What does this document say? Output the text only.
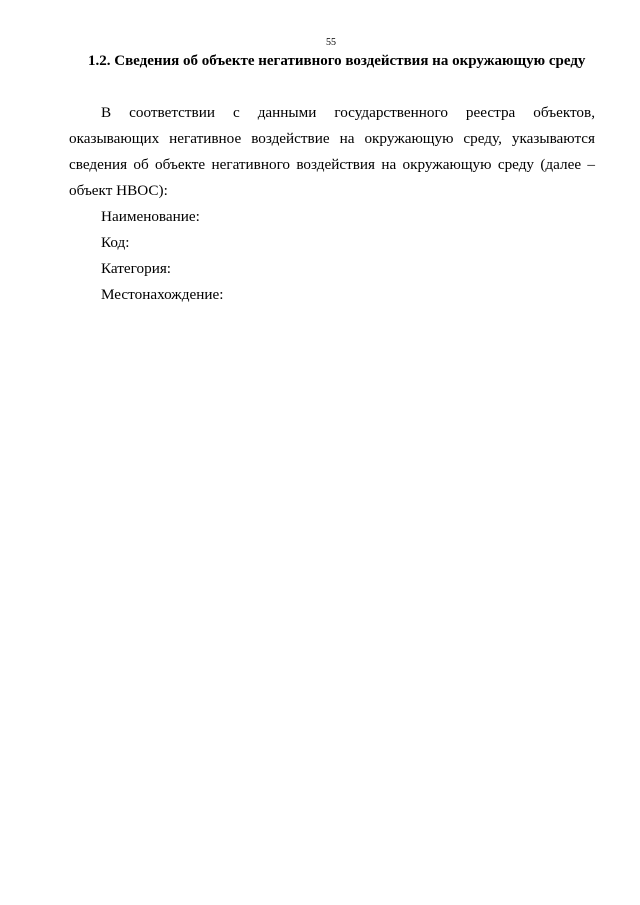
55
1.2. Сведения об объекте негативного воздействия на окружающую среду

В соответствии с данными государственного реестра объектов, оказывающих негативное воздействие на окружающую среду, указываются сведения об объекте негативного воздействия на окружающую среду (далее – объект НВОС):

Наименование:

Код:

Категория:

Местонахождение:
